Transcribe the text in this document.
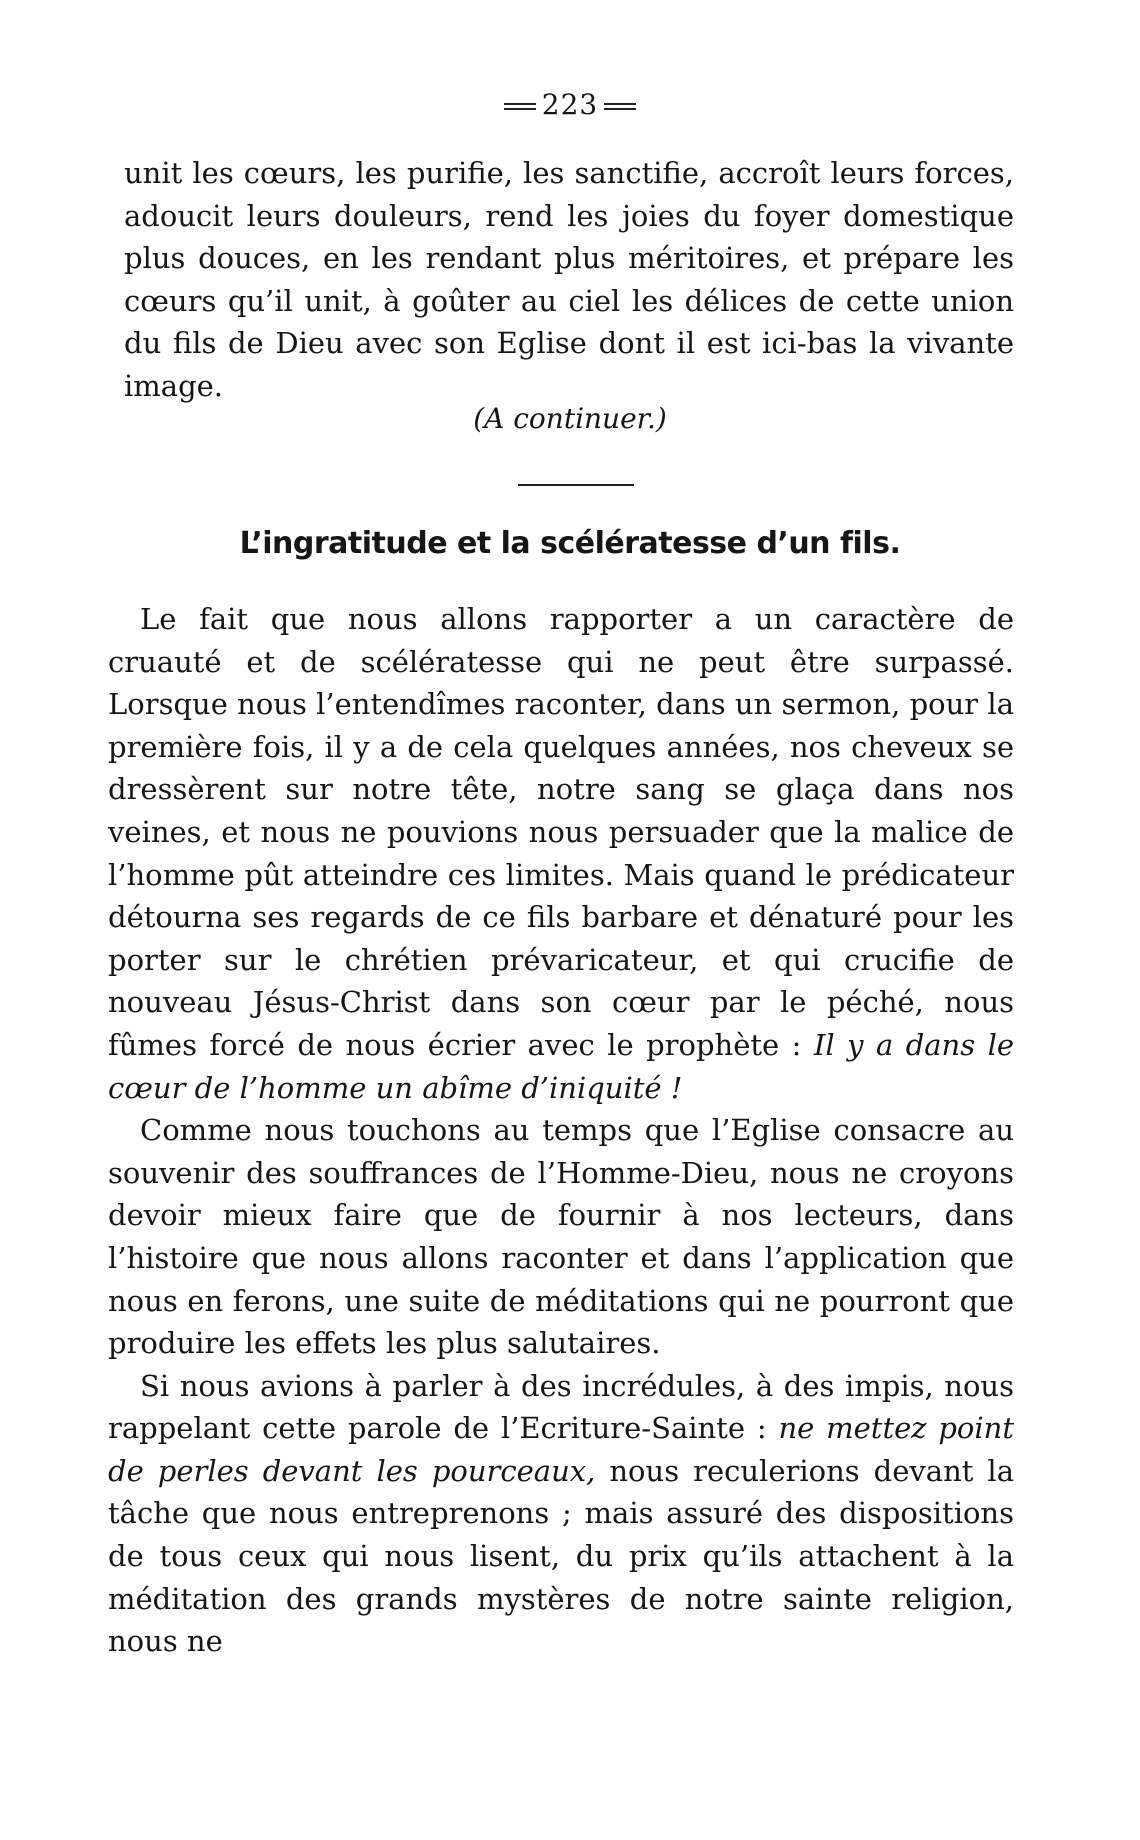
223

unit les cœurs, les purifie, les sanctifie, accroît leurs forces, adoucit leurs douleurs, rend les joies du foyer domestique plus douces, en les rendant plus méritoires, et prépare les cœurs qu’il unit, à goûter au ciel les délices de cette union du fils de Dieu avec son Eglise dont il est ici-bas la vivante image.

(A continuer.)
L’ingratitude et la scélératesse d’un fils.

Le fait que nous allons rapporter a un caractère de cruauté et de scélératesse qui ne peut être surpassé. Lorsque nous l’entendîmes raconter, dans un sermon, pour la première fois, il y a de cela quelques années, nos cheveux se dressèrent sur notre tête, notre sang se glaça dans nos veines, et nous ne pouvions nous persuader que la malice de l’homme pût atteindre ces limites. Mais quand le prédicateur détourna ses regards de ce fils barbare et dénaturé pour les porter sur le chrétien prévaricateur, et qui crucifie de nouveau Jésus-Christ dans son cœur par le péché, nous fûmes forcé de nous écrier avec le prophète : Il y a dans le cœur de l’homme un abîme d’iniquité !

Comme nous touchons au temps que l’Eglise consacre au souvenir des souffrances de l’Homme-Dieu, nous ne croyons devoir mieux faire que de fournir à nos lecteurs, dans l’histoire que nous allons raconter et dans l’application que nous en ferons, une suite de méditations qui ne pourront que produire les effets les plus salutaires.

Si nous avions à parler à des incrédules, à des impis, nous rappelant cette parole de l’Ecriture-Sainte : ne mettez point de perles devant les pourceaux, nous reculerions devant la tâche que nous entreprenons ; mais assuré des dispositions de tous ceux qui nous lisent, du prix qu’ils attachent à la méditation des grands mystères de notre sainte religion, nous ne
